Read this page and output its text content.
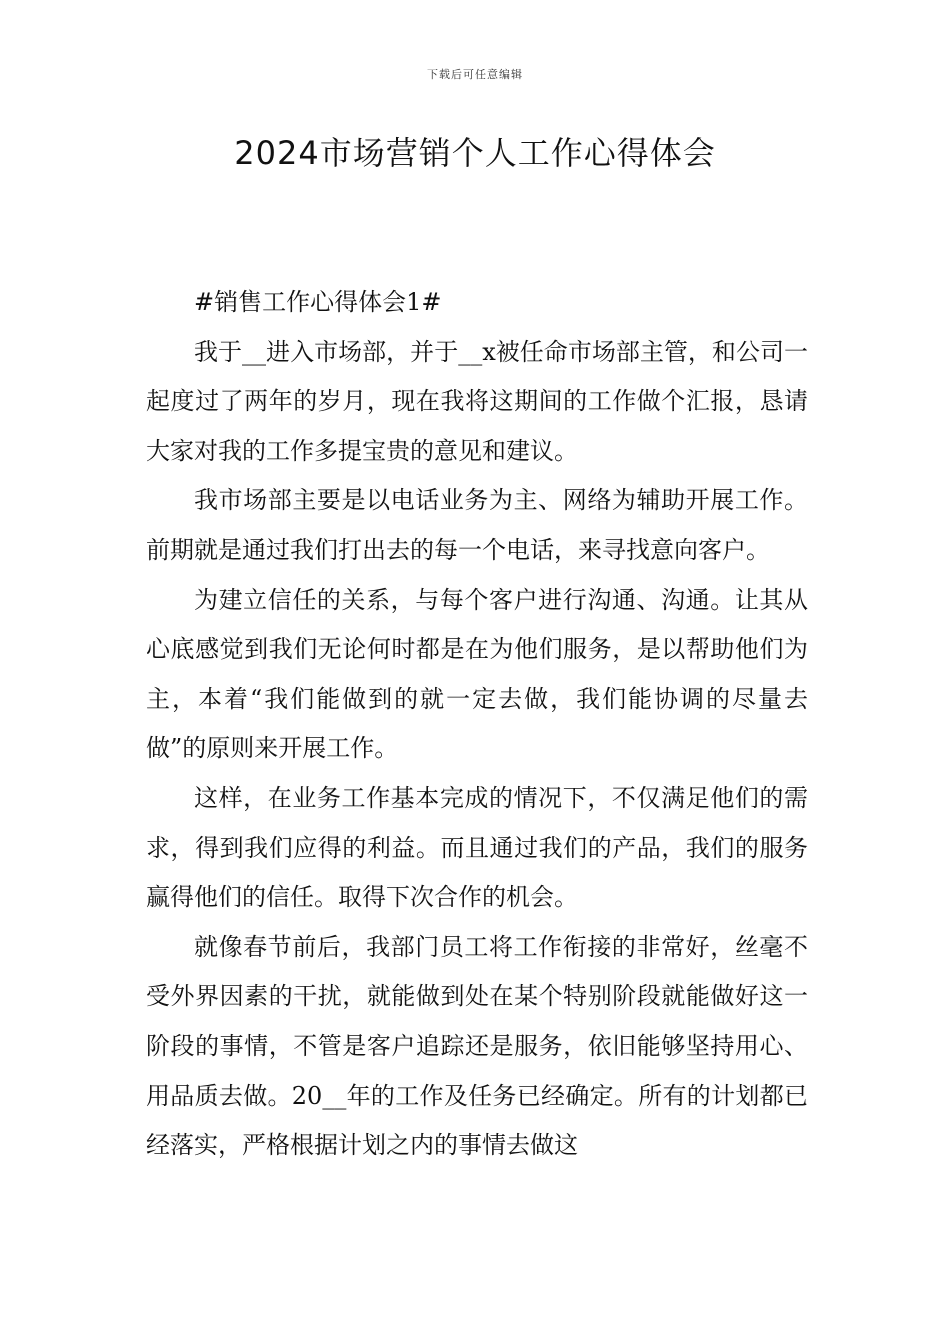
下载后可任意编辑
2024市场营销个人工作心得体会

#销售工作心得体会1#

我于__进入市场部，并于__x被任命市场部主管，和公司一起度过了两年的岁月，现在我将这期间的工作做个汇报，恳请大家对我的工作多提宝贵的意见和建议。

我市场部主要是以电话业务为主、网络为辅助开展工作。前期就是通过我们打出去的每一个电话，来寻找意向客户。

为建立信任的关系，与每个客户进行沟通、沟通。让其从心底感觉到我们无论何时都是在为他们服务，是以帮助他们为主，本着“我们能做到的就一定去做，我们能协调的尽量去做”的原则来开展工作。

这样，在业务工作基本完成的情况下，不仅满足他们的需求，得到我们应得的利益。而且通过我们的产品，我们的服务赢得他们的信任。取得下次合作的机会。

就像春节前后，我部门员工将工作衔接的非常好，丝毫不受外界因素的干扰，就能做到处在某个特别阶段就能做好这一阶段的事情，不管是客户追踪还是服务，依旧能够坚持用心、用品质去做。20__年的工作及任务已经确定。所有的计划都已经落实，严格根据计划之内的事情去做这
